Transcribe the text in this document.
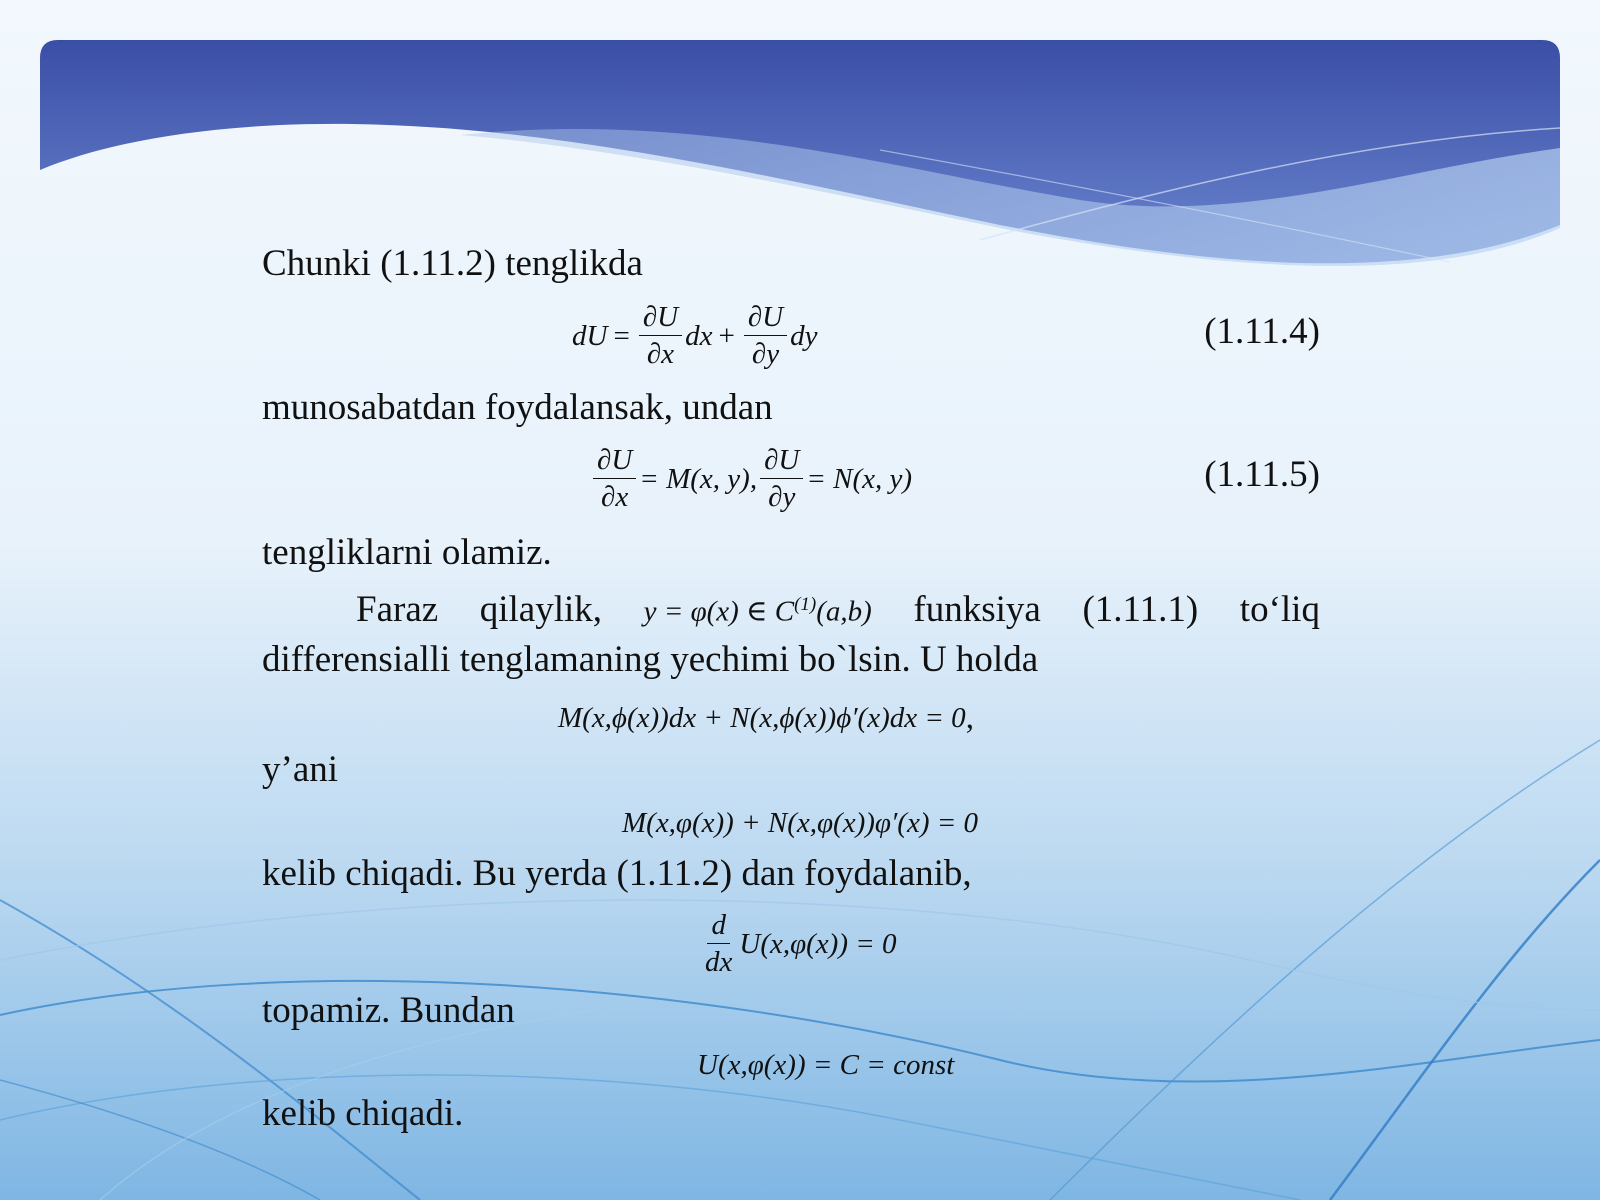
Chunki (1.11.2) tenglikda
dU = $\frac{\partial U}{\partial x}$ dx + $\frac{\partial U}{\partial y}$ dy	(1.11.4)
munosabatdan foydalansak, undan
$\frac{\partial U}{\partial x} = M(x$, y), $\frac{\partial U}{\partial y} = N(x$, y)	(1.11.5)
tengliklarni olamiz.
Faraz qilaylik, y = φ(x) ∈ $C^{(1)}(a,b)$ funksiya (1.11.1) to‘liq
differensialli tenglamaning yechimi bo`lsin. U holda
M(x,ϕ(x))dx + N(x,ϕ(x))ϕ′(x)dx = 0 ,
y’ani
M(x,φ(x)) + N(x,φ(x))φ′(x) = 0
kelib chiqadi. Bu yerda (1.11.2) dan foydalanib,
$\frac{d}{dx} U(x,\varphi(x)) = 0$
topamiz. Bundan
U(x,φ(x)) = C = const
kelib chiqadi.
